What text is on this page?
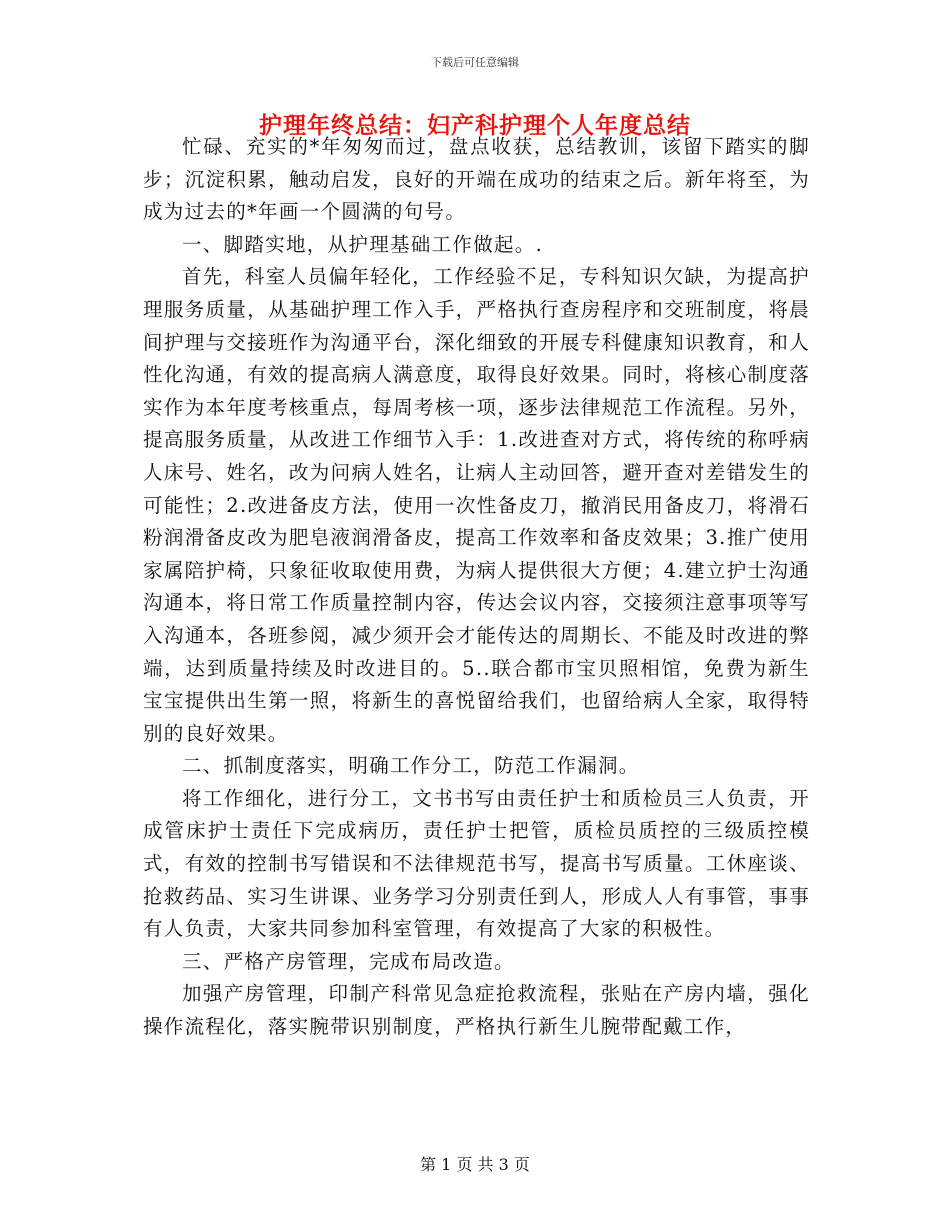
下载后可任意编辑
护理年终总结：妇产科护理个人年度总结

忙碌、充实的*年匆匆而过，盘点收获，总结教训，该留下踏实的脚步；沉淀积累，触动启发，良好的开端在成功的结束之后。新年将至，为成为过去的*年画一个圆满的句号。

一、脚踏实地，从护理基础工作做起。.

首先，科室人员偏年轻化，工作经验不足，专科知识欠缺，为提高护理服务质量，从基础护理工作入手，严格执行查房程序和交班制度，将晨间护理与交接班作为沟通平台，深化细致的开展专科健康知识教育，和人性化沟通，有效的提高病人满意度，取得良好效果。同时，将核心制度落实作为本年度考核重点，每周考核一项，逐步法律规范工作流程。另外，提高服务质量，从改进工作细节入手：1.改进查对方式，将传统的称呼病人床号、姓名，改为问病人姓名，让病人主动回答，避开查对差错发生的可能性；2.改进备皮方法，使用一次性备皮刀，撤消民用备皮刀，将滑石粉润滑备皮改为肥皂液润滑备皮，提高工作效率和备皮效果；3.推广使用家属陪护椅，只象征收取使用费，为病人提供很大方便；4.建立护士沟通沟通本，将日常工作质量控制内容，传达会议内容，交接须注意事项等写入沟通本，各班参阅，减少须开会才能传达的周期长、不能及时改进的弊端，达到质量持续及时改进目的。5..联合都市宝贝照相馆，免费为新生宝宝提供出生第一照，将新生的喜悦留给我们，也留给病人全家，取得特别的良好效果。

二、抓制度落实，明确工作分工，防范工作漏洞。

将工作细化，进行分工，文书书写由责任护士和质检员三人负责，开成管床护士责任下完成病历，责任护士把管，质检员质控的三级质控模式，有效的控制书写错误和不法律规范书写，提高书写质量。工休座谈、抢救药品、实习生讲课、业务学习分别责任到人，形成人人有事管，事事有人负责，大家共同参加科室管理，有效提高了大家的积极性。

三、严格产房管理，完成布局改造。

加强产房管理，印制产科常见急症抢救流程，张贴在产房内墙，强化操作流程化，落实腕带识别制度，严格执行新生儿腕带配戴工作，

第 1 页 共 3 页
